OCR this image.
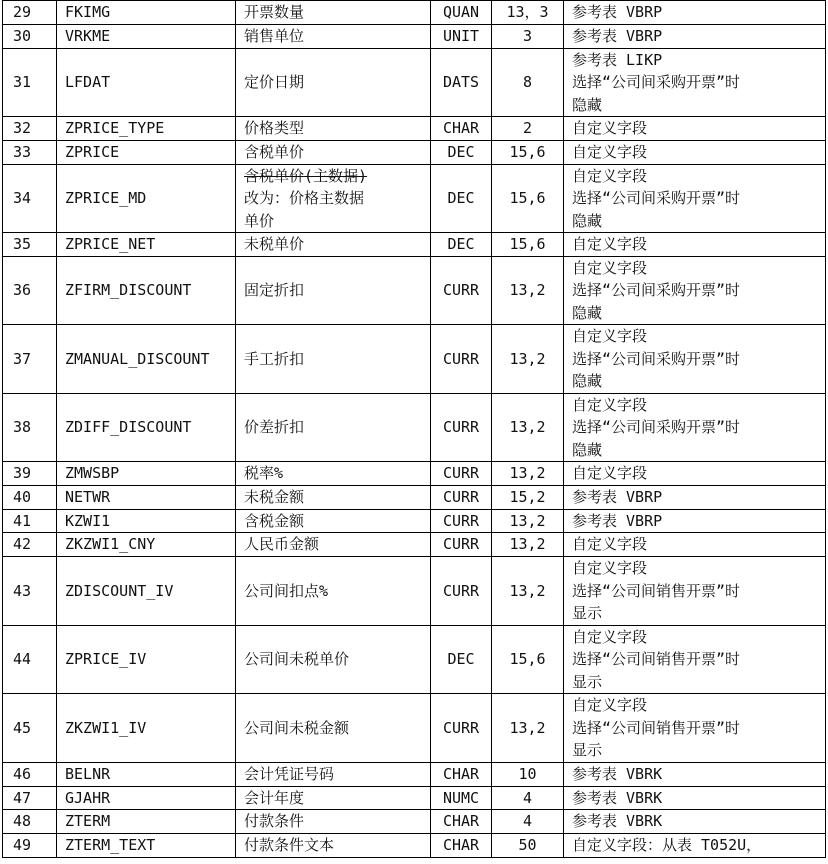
29	FKIMG	开票数量	QUAN	13，3	参考表 VBRP

30	VRKME	销售单位	UNIT	3	参考表 VBRP

31	LFDAT	定价日期	DATS	8	参考表 LIKP
选择“公司间采购开票”时
隐藏

32	ZPRICE_TYPE	价格类型	CHAR	2	自定义字段

33	ZPRICE	含税单价	DEC	15,6	自定义字段

34	ZPRICE_MD	含税单价(主数据)
改为：价格主数据
单价	DEC	15,6	自定义字段
选择“公司间采购开票”时
隐藏

35	ZPRICE_NET	未税单价	DEC	15,6	自定义字段

36	ZFIRM_DISCOUNT	固定折扣	CURR	13,2	自定义字段
选择“公司间采购开票”时
隐藏

37	ZMANUAL_DISCOUNT	手工折扣	CURR	13,2	自定义字段
选择“公司间采购开票”时
隐藏

38	ZDIFF_DISCOUNT	价差折扣	CURR	13,2	自定义字段
选择“公司间采购开票”时
隐藏

39	ZMWSBP	税率%	CURR	13,2	自定义字段

40	NETWR	未税金额	CURR	15,2	参考表 VBRP

41	KZWI1	含税金额	CURR	13,2	参考表 VBRP

42	ZKZWI1_CNY	人民币金额	CURR	13,2	自定义字段

43	ZDISCOUNT_IV	公司间扣点%	CURR	13,2	自定义字段
选择“公司间销售开票”时
显示

44	ZPRICE_IV	公司间未税单价	DEC	15,6	自定义字段
选择“公司间销售开票”时
显示

45	ZKZWI1_IV	公司间未税金额	CURR	13,2	自定义字段
选择“公司间销售开票”时
显示

46	BELNR	会计凭证号码	CHAR	10	参考表 VBRK

47	GJAHR	会计年度	NUMC	4	参考表 VBRK

48	ZTERM	付款条件	CHAR	4	参考表 VBRK

49	ZTERM_TEXT	付款条件文本	CHAR	50	自定义字段：从表 T052U，
